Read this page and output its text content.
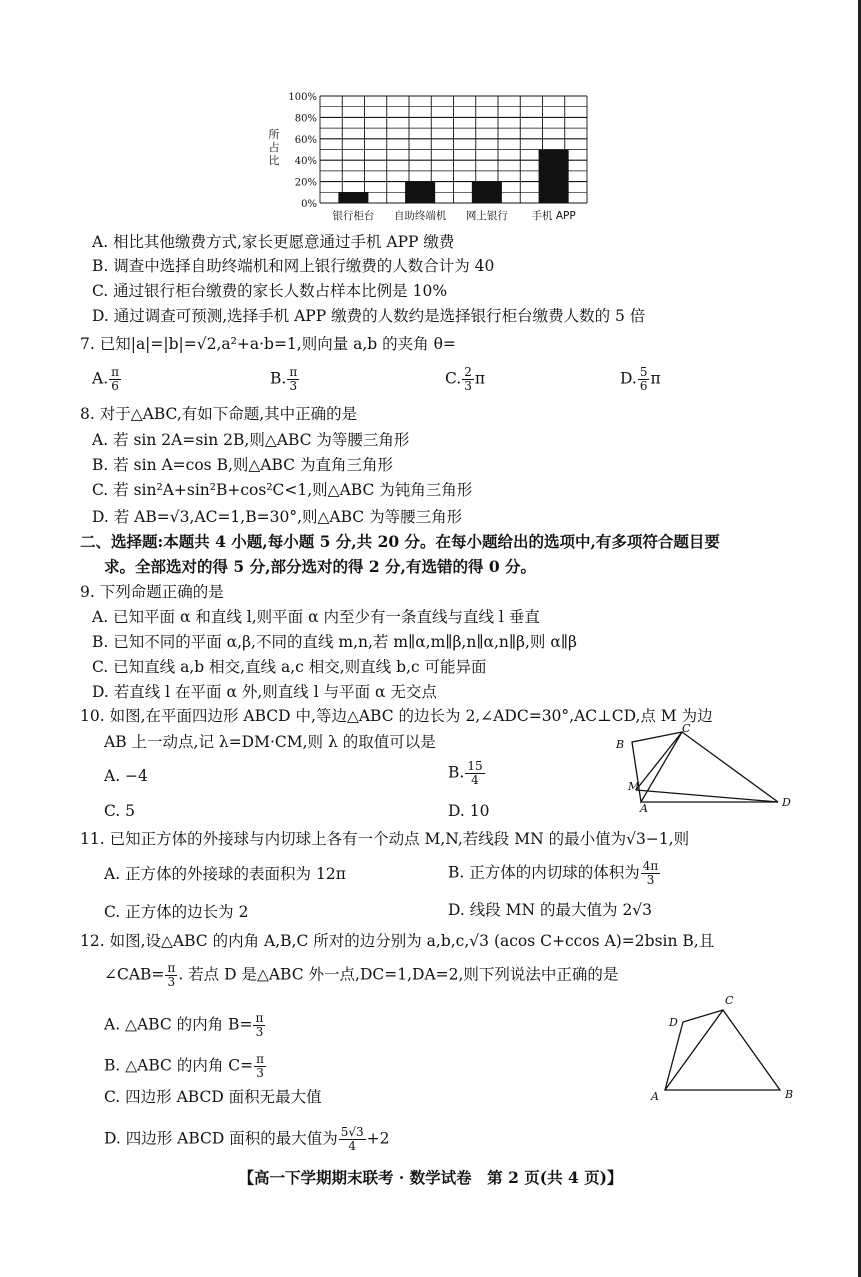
0%
20%
40%
60%
80%
100%
所
占
比
银行柜台 自助终端机 网上银行 手机 APP
A. 相比其他缴费方式,家长更愿意通过手机 APP 缴费
B. 调查中选择自助终端机和网上银行缴费的人数合计为 40
C. 通过银行柜台缴费的家长人数占样本比例是 10%
D. 通过调查可预测,选择手机 APP 缴费的人数约是选择银行柜台缴费人数的 5 倍
7. 已知|a|=|b|=√2,a²+a·b=1,则向量 a,b 的夹角 θ=
A. $\frac{\pi}{6}$	B. $\frac{\pi}{3}$	C. $\frac{2}{3}$ π	D. $\frac{5}{6}$ π
8. 对于△ABC,有如下命题,其中正确的是
A. 若 sin 2A=sin 2B,则△ABC 为等腰三角形
B. 若 sin A=cos B,则△ABC 为直角三角形
C. 若 sin²A+sin²B+cos²C<1,则△ABC 为钝角三角形
D. 若 AB=√3,AC=1,B=30°,则△ABC 为等腰三角形
二、选择题:本题共 4 小题,每小题 5 分,共 20 分。在每小题给出的选项中,有多项符合题目要
求。全部选对的得 5 分,部分选对的得 2 分,有选错的得 0 分。
9. 下列命题正确的是
A. 已知平面 α 和直线 l,则平面 α 内至少有一条直线与直线 l 垂直
B. 已知不同的平面 α,β,不同的直线 m,n,若 m∥α,m∥β,n∥α,n∥β,则 α∥β
C. 已知直线 a,b 相交,直线 a,c 相交,则直线 b,c 可能异面
D. 若直线 l 在平面 α 外,则直线 l 与平面 α 无交点
10. 如图,在平面四边形 ABCD 中,等边△ABC 的边长为 2,∠ADC=30°,AC⊥CD,点 M 为边
AB 上一动点,记 λ=DM·CM,则 λ 的取值可以是
A. −4	B. $\frac{15}{4}$
C. 5	D. 10
B
C
M
A	D
11. 已知正方体的外接球与内切球上各有一个动点 M,N,若线段 MN 的最小值为√3−1,则
A. 正方体的外接球的表面积为 12π	B. 正方体的内切球的体积为 $\frac{4\pi}{3}$
C. 正方体的边长为 2	D. 线段 MN 的最大值为 2√3
12. 如图,设△ABC 的内角 A,B,C 所对的边分别为 a,b,c,√3 (acos C+ccos A)=2bsin B,且
∠CAB= $\frac{\pi}{3}$ . 若点 D 是△ABC 外一点,DC=1,DA=2,则下列说法中正确的是
A. △ABC 的内角 $B= \frac{\pi}{3}$
B. △ABC 的内角 $C= \frac{\pi}{3}$
C. 四边形 ABCD 面积无最大值
D. 四边形 ABCD 面积的最大值为 $\frac{5√3}{4} +2$
C
D
A	B
【高一下学期期末联考 · 数学试卷　第 2 页(共 4 页)】
